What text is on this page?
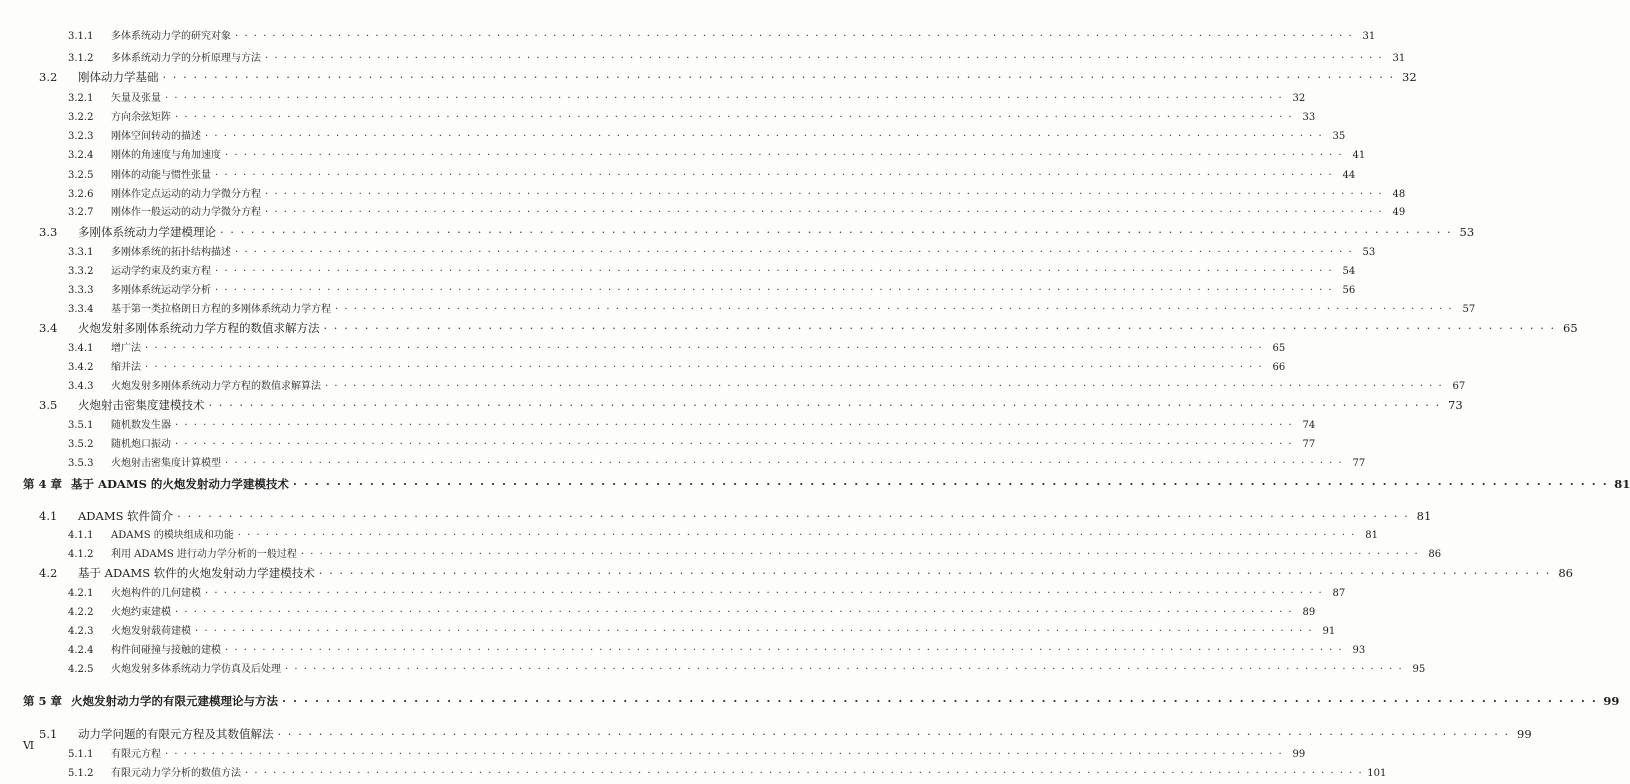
3.1.1	多体系统动力学的研究对象 · · · · · · · · · · · · · · · · · · · · · · · · · · · · · · · · · · · · · · · · · · · · · · · · · · · · · · · · · · · · · · · · · · · · · · · · · · · · · · · · · · · · · · · · · · · · · · · · · · · · · · · · · · · · · · · · · · · · · · · · 31
3.1.2	多体系统动力学的分析原理与方法 · · · · · · · · · · · · · · · · · · · · · · · · · · · · · · · · · · · · · · · · · · · · · · · · · · · · · · · · · · · · · · · · · · · · · · · · · · · · · · · · · · · · · · · · · · · · · · · · · · · · · · · · · · · · · · · · · · · · · · · · 31
3.2	刚体动力学基础 · · · · · · · · · · · · · · · · · · · · · · · · · · · · · · · · · · · · · · · · · · · · · · · · · · · · · · · · · · · · · · · · · · · · · · · · · · · · · · · · · · · · · · · · · · · · · · · · · · · · · · · · · · · · · · · · · · · · · · · · 32
3.2.1	矢量及张量 · · · · · · · · · · · · · · · · · · · · · · · · · · · · · · · · · · · · · · · · · · · · · · · · · · · · · · · · · · · · · · · · · · · · · · · · · · · · · · · · · · · · · · · · · · · · · · · · · · · · · · · · · · · · · · · · · · · · · · · · 32
3.2.2	方向余弦矩阵 · · · · · · · · · · · · · · · · · · · · · · · · · · · · · · · · · · · · · · · · · · · · · · · · · · · · · · · · · · · · · · · · · · · · · · · · · · · · · · · · · · · · · · · · · · · · · · · · · · · · · · · · · · · · · · · · · · · · · · · · 33
3.2.3	刚体空间转动的描述 · · · · · · · · · · · · · · · · · · · · · · · · · · · · · · · · · · · · · · · · · · · · · · · · · · · · · · · · · · · · · · · · · · · · · · · · · · · · · · · · · · · · · · · · · · · · · · · · · · · · · · · · · · · · · · · · · · · · · · · · 35
3.2.4	刚体的角速度与角加速度 · · · · · · · · · · · · · · · · · · · · · · · · · · · · · · · · · · · · · · · · · · · · · · · · · · · · · · · · · · · · · · · · · · · · · · · · · · · · · · · · · · · · · · · · · · · · · · · · · · · · · · · · · · · · · · · · · · · · · · · · 41
3.2.5	刚体的动能与惯性张量 · · · · · · · · · · · · · · · · · · · · · · · · · · · · · · · · · · · · · · · · · · · · · · · · · · · · · · · · · · · · · · · · · · · · · · · · · · · · · · · · · · · · · · · · · · · · · · · · · · · · · · · · · · · · · · · · · · · · · · · · 44
3.2.6	刚体作定点运动的动力学微分方程 · · · · · · · · · · · · · · · · · · · · · · · · · · · · · · · · · · · · · · · · · · · · · · · · · · · · · · · · · · · · · · · · · · · · · · · · · · · · · · · · · · · · · · · · · · · · · · · · · · · · · · · · · · · · · · · · · · · · · · · · 48
3.2.7	刚体作一般运动的动力学微分方程 · · · · · · · · · · · · · · · · · · · · · · · · · · · · · · · · · · · · · · · · · · · · · · · · · · · · · · · · · · · · · · · · · · · · · · · · · · · · · · · · · · · · · · · · · · · · · · · · · · · · · · · · · · · · · · · · · · · · · · · · 49
3.3	多刚体系统动力学建模理论 · · · · · · · · · · · · · · · · · · · · · · · · · · · · · · · · · · · · · · · · · · · · · · · · · · · · · · · · · · · · · · · · · · · · · · · · · · · · · · · · · · · · · · · · · · · · · · · · · · · · · · · · · · · · · · · · · · · · · · · · 53
3.3.1	多刚体系统的拓扑结构描述 · · · · · · · · · · · · · · · · · · · · · · · · · · · · · · · · · · · · · · · · · · · · · · · · · · · · · · · · · · · · · · · · · · · · · · · · · · · · · · · · · · · · · · · · · · · · · · · · · · · · · · · · · · · · · · · · · · · · · · · · 53
3.3.2	运动学约束及约束方程 · · · · · · · · · · · · · · · · · · · · · · · · · · · · · · · · · · · · · · · · · · · · · · · · · · · · · · · · · · · · · · · · · · · · · · · · · · · · · · · · · · · · · · · · · · · · · · · · · · · · · · · · · · · · · · · · · · · · · · · · 54
3.3.3	多刚体系统运动学分析 · · · · · · · · · · · · · · · · · · · · · · · · · · · · · · · · · · · · · · · · · · · · · · · · · · · · · · · · · · · · · · · · · · · · · · · · · · · · · · · · · · · · · · · · · · · · · · · · · · · · · · · · · · · · · · · · · · · · · · · · 56
3.3.4	基于第一类拉格朗日方程的多刚体系统动力学方程 · · · · · · · · · · · · · · · · · · · · · · · · · · · · · · · · · · · · · · · · · · · · · · · · · · · · · · · · · · · · · · · · · · · · · · · · · · · · · · · · · · · · · · · · · · · · · · · · · · · · · · · · · · · · · · · · · · · · · · · · 57
3.4	火炮发射多刚体系统动力学方程的数值求解方法 · · · · · · · · · · · · · · · · · · · · · · · · · · · · · · · · · · · · · · · · · · · · · · · · · · · · · · · · · · · · · · · · · · · · · · · · · · · · · · · · · · · · · · · · · · · · · · · · · · · · · · · · · · · · · · · · · · · · · · · · 65
3.4.1	增广法 · · · · · · · · · · · · · · · · · · · · · · · · · · · · · · · · · · · · · · · · · · · · · · · · · · · · · · · · · · · · · · · · · · · · · · · · · · · · · · · · · · · · · · · · · · · · · · · · · · · · · · · · · · · · · · · · · · · · · · · · 65
3.4.2	缩并法 · · · · · · · · · · · · · · · · · · · · · · · · · · · · · · · · · · · · · · · · · · · · · · · · · · · · · · · · · · · · · · · · · · · · · · · · · · · · · · · · · · · · · · · · · · · · · · · · · · · · · · · · · · · · · · · · · · · · · · · · 66
3.4.3	火炮发射多刚体系统动力学方程的数值求解算法 · · · · · · · · · · · · · · · · · · · · · · · · · · · · · · · · · · · · · · · · · · · · · · · · · · · · · · · · · · · · · · · · · · · · · · · · · · · · · · · · · · · · · · · · · · · · · · · · · · · · · · · · · · · · · · · · · · · · · · · · 67
3.5	火炮射击密集度建模技术 · · · · · · · · · · · · · · · · · · · · · · · · · · · · · · · · · · · · · · · · · · · · · · · · · · · · · · · · · · · · · · · · · · · · · · · · · · · · · · · · · · · · · · · · · · · · · · · · · · · · · · · · · · · · · · · · · · · · · · · · 73
3.5.1	随机数发生器 · · · · · · · · · · · · · · · · · · · · · · · · · · · · · · · · · · · · · · · · · · · · · · · · · · · · · · · · · · · · · · · · · · · · · · · · · · · · · · · · · · · · · · · · · · · · · · · · · · · · · · · · · · · · · · · · · · · · · · · · 74
3.5.2	随机炮口振动 · · · · · · · · · · · · · · · · · · · · · · · · · · · · · · · · · · · · · · · · · · · · · · · · · · · · · · · · · · · · · · · · · · · · · · · · · · · · · · · · · · · · · · · · · · · · · · · · · · · · · · · · · · · · · · · · · · · · · · · · 77
3.5.3	火炮射击密集度计算模型 · · · · · · · · · · · · · · · · · · · · · · · · · · · · · · · · · · · · · · · · · · · · · · · · · · · · · · · · · · · · · · · · · · · · · · · · · · · · · · · · · · · · · · · · · · · · · · · · · · · · · · · · · · · · · · · · · · · · · · · · 77
第 4 章 基于 ADAMS 的火炮发射动力学建模技术 · · · · · · · · · · · · · · · · · · · · · · · · · · · · · · · · · · · · · · · · · · · · · · · · · · · · · · · · · · · · · · · · · · · · · · · · · · · · · · · · · · · · · · · · · · · · · · · · · · · · · · · · · · · · · · · · · · · · · · · · 81
4.1	ADAMS 软件简介 · · · · · · · · · · · · · · · · · · · · · · · · · · · · · · · · · · · · · · · · · · · · · · · · · · · · · · · · · · · · · · · · · · · · · · · · · · · · · · · · · · · · · · · · · · · · · · · · · · · · · · · · · · · · · · · · · · · · · · · · 81
4.1.1	ADAMS 的模块组成和功能 · · · · · · · · · · · · · · · · · · · · · · · · · · · · · · · · · · · · · · · · · · · · · · · · · · · · · · · · · · · · · · · · · · · · · · · · · · · · · · · · · · · · · · · · · · · · · · · · · · · · · · · · · · · · · · · · · · · · · · · · 81
4.1.2	利用 ADAMS 进行动力学分析的一般过程 · · · · · · · · · · · · · · · · · · · · · · · · · · · · · · · · · · · · · · · · · · · · · · · · · · · · · · · · · · · · · · · · · · · · · · · · · · · · · · · · · · · · · · · · · · · · · · · · · · · · · · · · · · · · · · · · · · · · · · · · 86
4.2	基于 ADAMS 软件的火炮发射动力学建模技术 · · · · · · · · · · · · · · · · · · · · · · · · · · · · · · · · · · · · · · · · · · · · · · · · · · · · · · · · · · · · · · · · · · · · · · · · · · · · · · · · · · · · · · · · · · · · · · · · · · · · · · · · · · · · · · · · · · · · · · · · 86
4.2.1	火炮构件的几何建模 · · · · · · · · · · · · · · · · · · · · · · · · · · · · · · · · · · · · · · · · · · · · · · · · · · · · · · · · · · · · · · · · · · · · · · · · · · · · · · · · · · · · · · · · · · · · · · · · · · · · · · · · · · · · · · · · · · · · · · · · 87
4.2.2	火炮约束建模 · · · · · · · · · · · · · · · · · · · · · · · · · · · · · · · · · · · · · · · · · · · · · · · · · · · · · · · · · · · · · · · · · · · · · · · · · · · · · · · · · · · · · · · · · · · · · · · · · · · · · · · · · · · · · · · · · · · · · · · · 89
4.2.3	火炮发射载荷建模 · · · · · · · · · · · · · · · · · · · · · · · · · · · · · · · · · · · · · · · · · · · · · · · · · · · · · · · · · · · · · · · · · · · · · · · · · · · · · · · · · · · · · · · · · · · · · · · · · · · · · · · · · · · · · · · · · · · · · · · · 91
4.2.4	构件间碰撞与接触的建模 · · · · · · · · · · · · · · · · · · · · · · · · · · · · · · · · · · · · · · · · · · · · · · · · · · · · · · · · · · · · · · · · · · · · · · · · · · · · · · · · · · · · · · · · · · · · · · · · · · · · · · · · · · · · · · · · · · · · · · · · 93
4.2.5	火炮发射多体系统动力学仿真及后处理 · · · · · · · · · · · · · · · · · · · · · · · · · · · · · · · · · · · · · · · · · · · · · · · · · · · · · · · · · · · · · · · · · · · · · · · · · · · · · · · · · · · · · · · · · · · · · · · · · · · · · · · · · · · · · · · · · · · · · · · · 95
第 5 章 火炮发射动力学的有限元建模理论与方法 · · · · · · · · · · · · · · · · · · · · · · · · · · · · · · · · · · · · · · · · · · · · · · · · · · · · · · · · · · · · · · · · · · · · · · · · · · · · · · · · · · · · · · · · · · · · · · · · · · · · · · · · · · · · · · · · · · · · · · · · 99
5.1	动力学问题的有限元方程及其数值解法 · · · · · · · · · · · · · · · · · · · · · · · · · · · · · · · · · · · · · · · · · · · · · · · · · · · · · · · · · · · · · · · · · · · · · · · · · · · · · · · · · · · · · · · · · · · · · · · · · · · · · · · · · · · · · · · · · · · · · · · · 99
5.1.1	有限元方程 · · · · · · · · · · · · · · · · · · · · · · · · · · · · · · · · · · · · · · · · · · · · · · · · · · · · · · · · · · · · · · · · · · · · · · · · · · · · · · · · · · · · · · · · · · · · · · · · · · · · · · · · · · · · · · · · · · · · · · · · 99
5.1.2	有限元动力学分析的数值方法 · · · · · · · · · · · · · · · · · · · · · · · · · · · · · · · · · · · · · · · · · · · · · · · · · · · · · · · · · · · · · · · · · · · · · · · · · · · · · · · · · · · · · · · · · · · · · · · · · · · · · · · · · · · · · · · · · · · · · · · · 101
Ⅵ
